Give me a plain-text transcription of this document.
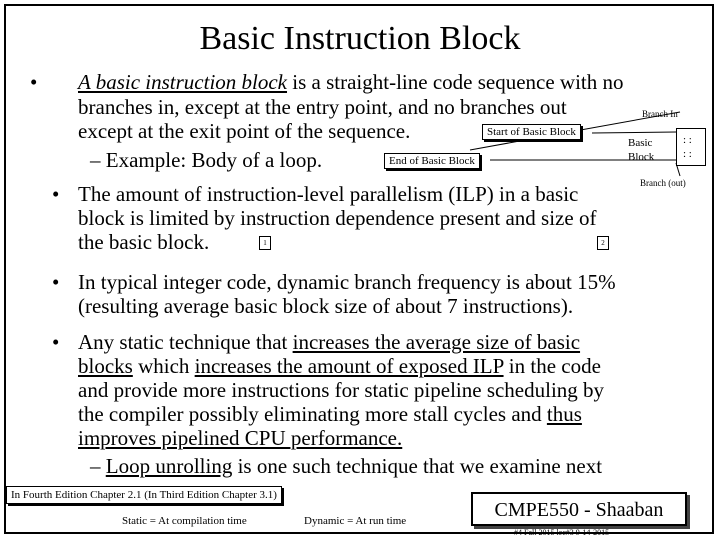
Basic Instruction Block
• A basic instruction block is a straight-line code sequence with no
branches in, except at the entry point, and no branches out
except at the exit point of the sequence.
– Example: Body of a loop.
Branch In
Start of Basic Block
End of Basic Block
Basic Block
: :
: :
Branch (out)
• The amount of instruction-level parallelism (ILP) in a basic
block is limited by instruction dependence present and size of
the basic block.	1	2
• In typical integer code, dynamic branch frequency is about 15%
(resulting average basic block size of about 7 instructions).
• Any static technique that increases the average size of basic
blocks which increases the amount of exposed ILP in the code
and provide more instructions for static pipeline scheduling by
the compiler possibly eliminating more stall cycles and thus
improves pipelined CPU performance.
– Loop unrolling is one such technique that we examine next
In Fourth Edition Chapter 2.1 (In Third Edition Chapter 3.1)
Static = At compilation time	Dynamic = At run time	CMPE550 - Shaaban
#4 Fall 2015 lec#3 9-14-2015
